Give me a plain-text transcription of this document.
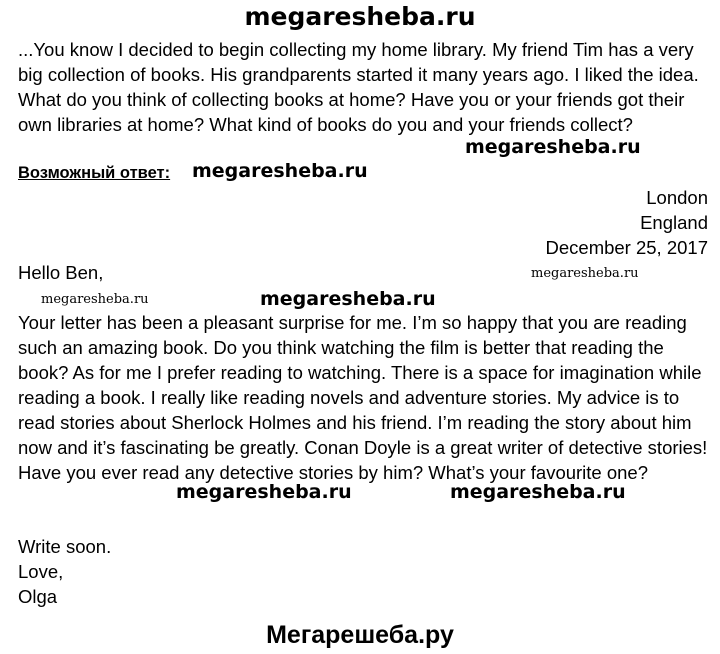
megaresheba.ru
...You know I decided to begin collecting my home library. My friend Tim has a very big collection of books. His grandparents started it many years ago. I liked the idea. What do you think of collecting books at home? Have you or your friends got their own libraries at home? What kind of books do you and your friends collect?
megaresheba.ru
Возможный ответ: megaresheba.ru
London
England
December 25, 2017
Hello Ben,	megaresheba.ru
megaresheba.ru	megaresheba.ru
Your letter has been a pleasant surprise for me. I’m so happy that you are reading such an amazing book. Do you think watching the film is better that reading the book? As for me I prefer reading to watching. There is a space for imagination while reading a book. I really like reading novels and adventure stories. My advice is to read stories about Sherlock Holmes and his friend. I’m reading the story about him now and it’s fascinating be greatly. Conan Doyle is a great writer of detective stories! Have you ever read any detective stories by him? What’s your favourite one?
megaresheba.ru	megaresheba.ru
Write soon.
Love,
Olga
Мегарешеба.ру
